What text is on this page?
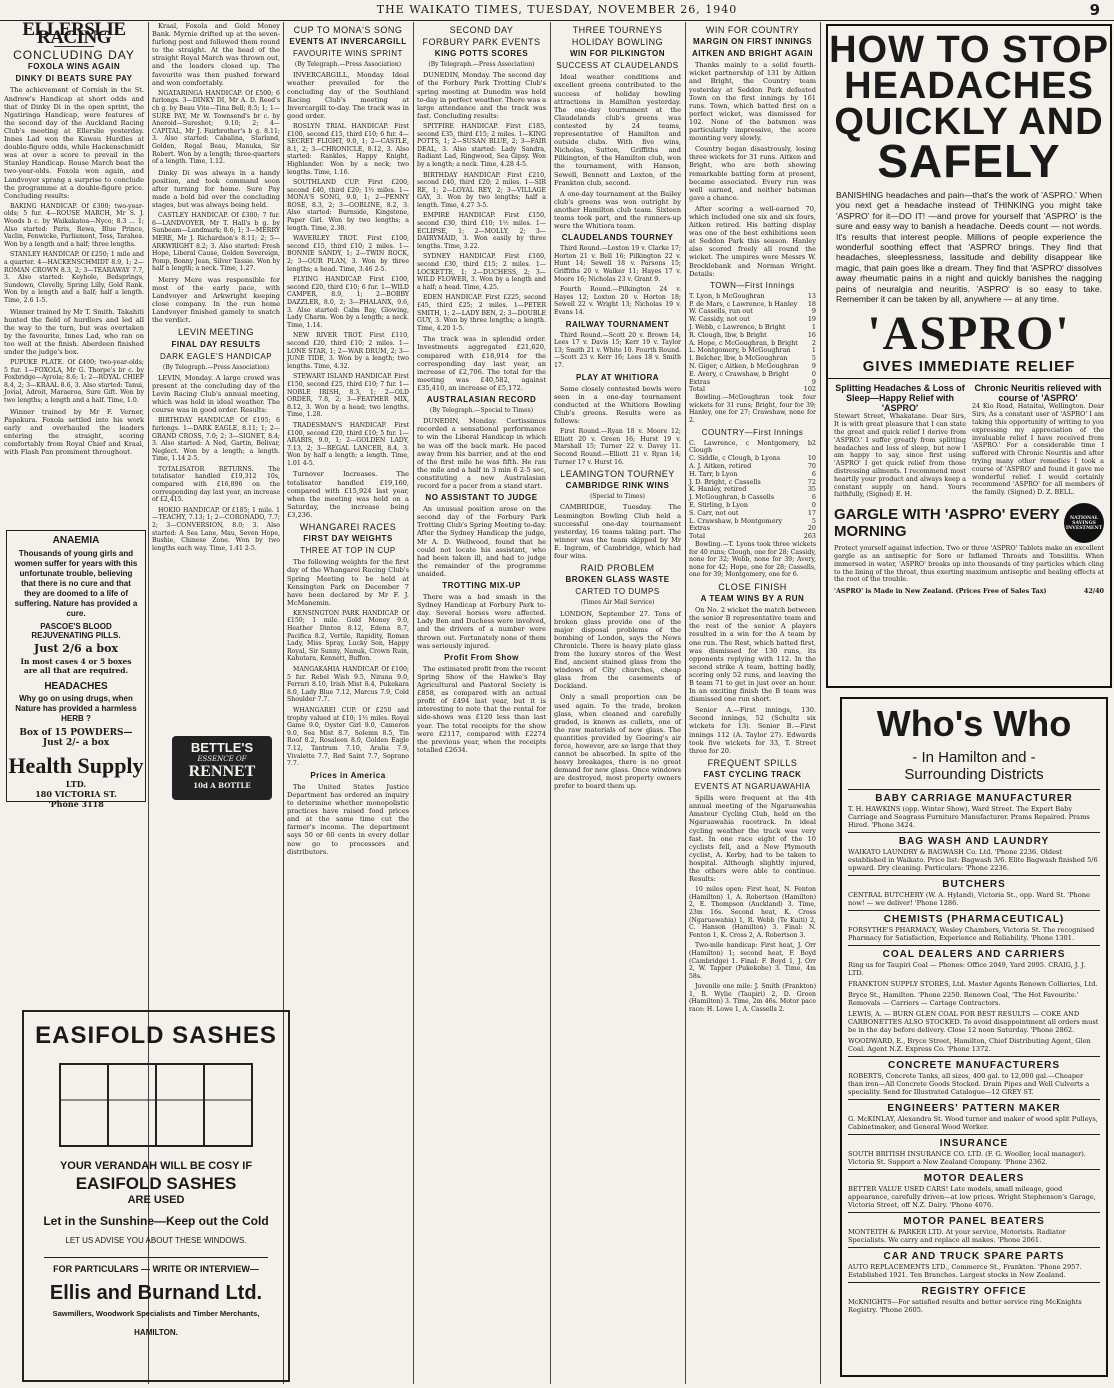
THE WAIKATO TIMES, TUESDAY, NOVEMBER 26, 1940	9
ELLERSLIE RACING
CONCLUDING DAY
FOXOLA WINS AGAIN
DINKY DI BEATS SURE PAY

The achievement of Cornish in the St. Andrew's Handicap at short odds and that of Dinky Di in the open sprint, the Ngatiringa Handicap, were features of the second day of the Auckland Racing Club's meeting at Ellerslie yesterday. Innes Lad won the Kawau Hurdles at double-figure odds, while Hackenschmidt was at over a score to prevail in the Stanley Handicap. Rouse March beat the two-year-olds. Foxola won again, and Landvoyer sprang a surprise to conclude the programme at a double-figure price. Concluding results:

BAKING HANDICAP. Of £300; two-year-olds; 5 fur. 4—ROUSE MARCH, Mr S. J. Woods b c. by Waikakatoa—Nyco; 8.3 ... 1; Also started: Paris, Rewa, Blue Prince, Vaclin, Fenwicke, Parliament, Toss, Tarahea. Won by a length and a half; three lengths.

STANLEY HANDICAP. Of £250; 1 mile and a quarter. 4—HACKENSCHMIDT 8.9, 1; 2—ROMAN CROWN 8.3, 2; 3—TEARAWAY 7.7, 3. Also started: Keyhole, Bedsprings, Sundown, Clovelly, Spring Lilly, Gold Rank. Won by a length and a half; half a length. Time, 2.6 1-5.

Winner trained by Mr T. Smith. Takahiti hunted the field of hurdlers and led all the way to the turn, but was overtaken by the favourite, Innes Lad, who ran on too well at the finish. Aberdeen finished under the judge's box.

PUPUKE PLATE. Of £400; two-year-olds; 5 fur. 1—FOXOLA, Mr G. Thorpe's br c. by Foxbridge—Ayrola; 8.6; 1; 2—ROYAL CHIEF 8.4, 2; 3—KRAAL 8.6, 3. Also started: Tanui, Jovial, Adroit, Maraeroa, Sure Gift. Won by two lengths; a length and a half. Time, 1.0.

Winner trained by Mr F. Verner, Papakura. Foxola settled into his work early and overhauled the leaders entering the straight, scoring comfortably from Royal Chief and Kraal, with Flash Pan prominent throughout.

ANAEMIA
Thousands of young girls and women suffer for years with this unfortunate trouble, believing that there is no cure and that they are doomed to a life of suffering. Nature has provided a cure.
PASCOE'S BLOOD REJUVENATING PILLS.
Just 2/6 a box
In most cases 4 or 5 boxes are all that are required.
HEADACHES
Why go on using drugs, when Nature has provided a harmless HERB ?
Box of 15 POWDERS— Just 2/- a box
Health Supply
LTD.
180 VICTORIA ST.
'Phone 3118

Kraal, Foxola and Gold Money Bank. Myrnie drifted up at the seven-furlong post and followed them round to the straight. At the head of the straight Royal March was thrown out, and the leaders closed up. The favourite was then pushed forward and won comfortably.

NGATARINGA HANDICAP. Of £500; 6 furlongs. 3—DINKY DI, Mr A. D. Reed's ch g. by Beau Vite—Tina Bell; 8.5; 1; 1—SURE PAY, Mr W. Townsend's br c. by Aneroid—Sureshot; 9.10; 2; 4—CAPITAL, Mr J. Fairbrother's b g. 8.11; 3. Also started: Cabalina, Starland, Golden, Regal Beau, Manuka, Sir Robert. Won by a length; three-quarters of a length. Time, 1.12.

Dinky Di was always in a handy position, and took command soon after turning for home. Sure Pay made a bold bid over the concluding stages, but was always being held.

CASTLEY HANDICAP. Of £300; 7 fur. 6—LANDVOYER, Mr T. Hall's b g. by Sunbeam—Landmark; 8.6; 1; 3—MERRY MERE, Mr J. Richardson's 8.11; 2; 5—ARKWRIGHT 8.2; 3. Also started: Fresh Hope, Liberal Cause, Golden Sovereign, Pomp, Bonny Jean, Silver Tassie. Won by half a length; a neck. Time, 1.27.

Merry Mere was responsible for most of the early pace, with Landvoyer and Arkwright keeping close company. In the run home Landvoyer finished gamely to snatch the verdict.

LEVIN MEETING
FINAL DAY RESULTS
DARK EAGLE'S HANDICAP
(By Telegraph.—Press Association)

LEVIN, Monday. A large crowd was present at the concluding day of the Levin Racing Club's annual meeting, which was held in ideal weather. The course was in good order. Results:

BIRTHDAY HANDICAP. Of £195; 6 furlongs. 1—DARK EAGLE, 8.11; 1; 2—GRAND CROSS, 7.0; 2; 3—SIGNET, 8.4; 3. Also started: A Ned, Gartin, Bolivar, Neglect. Won by a length; a length. Time, 1.14 2-5.

TOTALISATOR RETURNS. The totalisator handled £19,312 10s, compared with £16,896 on the corresponding day last year, an increase of £2,415.

HOKIO HANDICAP. Of £185; 1 mile. 1—TEACHY, 7.13; 1; 2—CORONADO, 7.7; 2; 3—CONVERSION, 8.0; 3. Also started: A Sea Lane, Mau, Seven Hope, Bushie, Chinese Zone. Won by two lengths each way. Time, 1.41 2-5.

BETTLE'S
ESSENCE OF
RENNET
10d A BOTTLE
EASIFOLD SASHES
YOUR VERANDAH WILL BE COSY IF
EASIFOLD SASHES
ARE USED
Let in the Sunshine—Keep out the Cold
LET US ADVISE YOU ABOUT THESE WINDOWS.
FOR PARTICULARS — WRITE OR INTERVIEW—
Ellis and Burnand Ltd.
Sawmillers, Woodwork Specialists and Timber Merchants,
HAMILTON.
CUP TO MONA'S SONG
EVENTS AT INVERCARGILL
FAVOURITE WINS SPRINT
(By Telegraph.—Press Association)

INVERCARGILL, Monday. Ideal weather prevailed for the concluding day of the Southland Racing Club's meeting at Invercargill to-day. The track was in good order.

ROSLYN TRIAL HANDICAP. First £100, second £15, third £10; 6 fur. 4—SECRET FLIGHT, 9.0, 1; 2—CASTLE, 8.1, 2; 3—CHRONICLE, 8.12, 3. Also started: Rankles, Happy Knight, Highlander. Won by a neck; two lengths. Time, 1.16.

SOUTHLAND CUP. First £200, second £40, third £20; 1½ miles. 1—MONA'S SONG, 9.0, 1; 2—PENNY ROSE, 8.3, 2; 3—GOBLINE, 8.2, 3. Also started: Burnside, Kingstone, Paper Girl. Won by two lengths; a length. Time, 2.38.

WAVERLEY TROT. First £100, second £15, third £10; 2 miles. 1—BONNIE SANDY, 1; 2—TWIN ROCK, 2; 3—OUR PLAN, 3. Won by three lengths; a head. Time, 3.46 2-5.

FLYING HANDICAP. First £100, second £20, third £10; 6 fur. 1—WILD CAMPER, 8.9, 1; 2—BOBBY DAZZLER, 8.0, 2; 3—PHALANX, 9.6, 3. Also started: Calm Bay, Glowing, Lady Charm. Won by a length; a neck. Time, 1.14.

NEW RIVER TROT. First £110, second £20, third £10; 2 miles. 1—LONE STAR, 1; 2—WAR DRUM, 2; 3—JUNE TIDE, 3. Won by a length; two lengths. Time, 4.32.

STEWART ISLAND HANDICAP. First £150, second £25, third £10; 7 fur. 1—NOBLE IRISH, 8.3, 1; 2—OLD ORDER, 7.8, 2; 3—FEATHER MIX, 8.12, 3. Won by a head; two lengths. Time, 1.28.

TRADESMAN'S HANDICAP. First £100, second £20, third £10; 5 fur. 1—ARABIS, 9.0, 1; 2—GOLDEN LADY, 7.13, 2; 3—REGAL LANCER, 8.4, 3. Won by half a length; a length. Time, 1.01 4-5.

Turnover Increases. The totalisator handled £19,160, compared with £15,924 last year, when the meeting was held on a Saturday, the increase being £3,236.

WHANGAREI RACES
FIRST DAY WEIGHTS
THREE AT TOP IN CUP

The following weights for the first day of the Whangarei Racing Club's Spring Meeting to be held at Kensington Park on December 7 have been declared by Mr F. J. McManemin.

KENSINGTON PARK HANDICAP. Of £150; 1 mile. Gold Money 9.0, Heather Dinton 8.12, Edena 8.7, Pacifica 8.2, Vertile, Rapidity, Roman Lady, Miss Spray, Lucky Son, Happy Royal, Sir Sunny, Nanuk, Crown Ruin, Kahutara, Kennett, Buffon.

MANGAKAHIA HANDICAP. Of £100; 5 fur. Rebel Wish 9.5, Nirana 9.0, Ferrari 8.10, Irish Mist 8.4, Pukekara 8.0, Lady Blue 7.12, Marcus 7.9, Cold Shoulder 7.7.

WHANGAREI CUP. Of £250 and trophy valued at £10; 1½ miles. Royal Game 9.0, Oyster Girl 9.0, Cameron 9.0, Sea Mist 8.7, Solemn 8.5, Tin Roof 8.2, Rosaleen 8.0, Golden Eagle 7.12, Tantrum 7.10, Aralia 7.9, Vivalette 7.7, Red Saint 7.7, Soprano 7.7.

Prices in America

The United States Justice Department has ordered an inquiry to determine whether monopolistic practices have raised food prices and at the same time cut the farmer's income. The department says 50 or 60 cents in every dollar now go to processors and distributors.

SECOND DAY
FORBURY PARK EVENTS
KING POTTS SCORES
(By Telegraph.—Press Association)

DUNEDIN, Monday. The second day of the Forbury Park Trotting Club's spring meeting at Dunedin was held to-day in perfect weather. There was a large attendance and the track was fast. Concluding results:

SPITFIRE HANDICAP. First £185, second £35, third £15; 2 miles. 1—KING POTTS, 1; 2—SUSAN BLUE, 2; 3—FAIR DEAL, 3. Also started: Lady Sandra, Radiant Lad, Ringwood, Sea Gipsy. Won by a length; a neck. Time, 4.28 4-5.

BIRTHDAY HANDICAP. First £210, second £40, third £20; 2 miles. 1—SIR RE, 1; 2—LOYAL REY, 2; 3—VILLAGE GAY, 3. Won by two lengths; half a length. Time, 4.27 3-5.

EMPIRE HANDICAP. First £150, second £30, third £10; 1½ miles. 1—ECLIPSE, 1; 2—MOLLY, 2; 3—DAIRYMAID, 3. Won easily by three lengths. Time, 3.22.

SYDNEY HANDICAP. First £160, second £30, third £15; 2 miles. 1—LOCKETTE, 1; 2—DUCHESS, 2; 3—WILD FLOWER, 3. Won by a length and a half; a head. Time, 4.25.

EDEN HANDICAP. First £225, second £45, third £25; 2 miles. 1—PETER SMITH, 1; 2—LADY BEN, 2; 3—DOUBLE GUY, 3. Won by three lengths; a length. Time, 4.20 1-5.

The track was in splendid order. Investments aggregated £21,620, compared with £18,914 for the corresponding day last year, an increase of £2,706. The total for the meeting was £40,582, against £35,410, an increase of £5,172.

AUSTRALASIAN RECORD
(By Telegraph.—Special to Times)

DUNEDIN, Monday. Certissimus recorded a sensational performance to win the Liberal Handicap in which he was off the back mark. He paced away from his barrier, and at the end of the first mile he was fifth. He ran the mile and a half in 3 min 6 2-5 sec, constituting a new Australasian record for a pacer from a stand start.

NO ASSISTANT TO JUDGE

An unusual position arose on the second day of the Forbury Park Trotting Club's Spring Meeting to-day. After the Sydney Handicap the judge, Mr A. D. Wellwood, found that he could not locate his assistant, who had been taken ill, and had to judge the remainder of the programme unaided.

TROTTING MIX-UP

There was a bad smash in the Sydney Handicap at Forbury Park to-day. Several horses were affected. Lady Ben and Duchess were involved, and the drivers of a number were thrown out. Fortunately none of them was seriously injured.

Profit From Show

The estimated profit from the recent Spring Show of the Hawke's Bay Agricultural and Pastoral Society is £858, as compared with an actual profit of £494 last year, but it is interesting to note that the rental for side-shows was £120 less than last year. The total receipts for the show were £2117, compared with £2274 the previous year, when the receipts totalled £2634.

THREE TOURNEYS
HOLIDAY BOWLING
WIN FOR PILKINGTON
SUCCESS AT CLAUDELANDS

Ideal weather conditions and excellent greens contributed to the success of holiday bowling attractions in Hamilton yesterday. The one-day tournament at the Claudelands club's greens was contested by 24 teams, representative of Hamilton and outside clubs. With five wins, Nicholas, Sutton, Griffiths and Pilkington, of the Hamilton club, won the tournament, with Hanson, Sewell, Bennett and Loxton, of the Frankton club, second.

A one-day tournament at the Bailey club's greens was won outright by another Hamilton club team. Sixteen teams took part, and the runners-up were the Whitiora team.

CLAUDELANDS TOURNEY

Third Round.—Loxton 19 v. Clarke 17; Horton 21 v. Bell 16; Pilkington 22 v. Hunt 14; Sewell 18 v. Parsons 15; Griffiths 20 v. Walker 11; Hayes 17 v. Moore 16; Nicholas 23 v. Grant 9.

Fourth Round.—Pilkington 24 v. Hayes 12; Loxton 20 v. Horton 18; Sewell 22 v. Wright 13; Nicholas 19 v. Evans 14.

RAILWAY TOURNAMENT

Third Round.—Scott 20 v. Brown 14; Lees 17 v. Davis 15; Kerr 19 v. Taylor 13; Smith 21 v. White 10. Fourth Round.—Scott 23 v. Kerr 16; Lees 18 v. Smith 17.

PLAY AT WHITIORA

Some closely contested bowls were seen in a one-day tournament conducted at the Whitiora Bowling Club's greens. Results were as follows:

First Round.—Ryan 18 v. Moore 12; Elliott 20 v. Green 16; Hurst 19 v. Marshall 15; Turner 22 v. Davey 11. Second Round.—Elliott 21 v. Ryan 14; Turner 17 v. Hurst 16.

LEAMINGTON TOURNEY
CAMBRIDGE RINK WINS
(Special to Times)

CAMBRIDGE, Tuesday. The Leamington Bowling Club held a successful one-day tournament yesterday, 16 teams taking part. The winner was the team skipped by Mr E. Ingram, of Cambridge, which had four wins.

RAID PROBLEM
BROKEN GLASS WASTE
CARTED TO DUMPS
(Times Air Mail Service)

LONDON, September 27. Tons of broken glass provide one of the major disposal problems of the bombing of London, says the News Chronicle. There is heavy plate glass from the luxury stores of the West End, ancient stained glass from the windows of City churches, cheap glass from the casements of Dockland.

Only a small proportion can be used again. To the trade, broken glass, when cleaned and carefully graded, is known as cullets, one of the raw materials of new glass. The quantities provided by Goering's air force, however, are so large that they cannot be absorbed. In spite of the heavy breakages, there is no great demand for new glass. Once windows are destroyed, most property owners prefer to board them up.

WIN FOR COUNTRY
MARGIN ON FIRST INNINGS
AITKEN AND BRIGHT AGAIN

Thanks mainly to a solid fourth-wicket partnership of 131 by Aitken and Bright, the Country team yesterday at Seddon Park defeated Town on the first innings by 161 runs. Town, which batted first on a perfect wicket, was dismissed for 102. None of the batsmen was particularly impressive, the score mounting very slowly.

Country began disastrously, losing three wickets for 31 runs. Aitken and Bright, who are both showing remarkable batting form at present, became associated. Every run was well earned, and neither batsman gave a chance.

After scoring a well-earned 70, which included one six and six fours, Aitken retired. His batting display was one of the best exhibitions seen at Seddon Park this season. Hanley also scored freely all round the wicket. The umpires were Messrs W. Brocklebank and Norman Wright. Details:

TOWN—First Innings
T. Lyon, b McGoughran	13
P. de Mars, c Lawrence, b Hanley 18
W. Cassells, run out	9
W. Cassidy, not out	19
J. Webb, c Lawrence, b Bright	1
R. Clough, lbw, b Bright	16
A. Hope, c McGoughran, b Bright 2
L. Montgomery, b McGoughran	1
I. Belcher, lbw, b McGoughran	5
N. Giger, c Aitken, b McGoughran 9
E. Avery, c Crawshaw, b Bright	0
Extras	9
Total	102

Bowling.—McGoughran took four wickets for 31 runs; Bright, four for 39; Hanley, one for 27; Crawshaw, none for 2.

COUNTRY—First Innings
C. Lawrence, c Montgomery, b Clough
2
C. Siddle, c Clough, b Lyons	10
A. J. Aitken, retired	70
H. Tarr, b Lyon	6
J. D. Bright, c Cassells	72
K. Hanley, retired	35
J. McGoughran, b Cassells	6
E. Stirling, b Lyon	0
S. Carr, not out	17
L. Crawshaw, b Montgomery	5
Extras	20
Total	263

Bowling.—T. Lyons took three wickets for 40 runs; Clough, one for 28; Cassidy, none for 32; Webb, none for 39; Avery, none for 42; Hope, one for 28; Cassells, one for 39; Montgomery, one for 6.

CLOSE FINISH
A TEAM WINS BY A RUN

On No. 2 wicket the match between the senior B representative team and the rest of the senior A players resulted in a win for the A team by one run. The Rest, which batted first, was dismissed for 130 runs, its opponents replying with 112. In the second strike A team, batting badly, scoring only 52 runs, and leaving the B team 71 to get in just over an hour. In an exciting finish the B team was dismissed one run short.

Senior A.—First innings, 130. Second innings, 52 (Schultz six wickets for 13). Senior B.—First innings 112 (A. Taylor 27). Edwards took five wickets for 33, T. Street three for 20.

FREQUENT SPILLS
FAST CYCLING TRACK
EVENTS AT NGARUAWAHIA

Spills were frequent at the 4th annual meeting of the Ngaruawahia Amateur Cycling Club, held on the Ngaruawahia racetrack. In ideal cycling weather the track was very fast. In one race eight of the 10 cyclists fell, and a New Plymouth cyclist, A. Kerby, had to be taken to hospital. Although slightly injured, the others were able to continue. Results:

10 miles open: First heat, N. Fenton (Hamilton) 1, A. Robertson (Hamilton) 2, E. Thompson (Auckland) 3. Time, 23m 16s. Second heat, K. Cross (Ngaruawahia) 1, R. Webb (Te Kuiti) 2, C. Hanson (Hamilton) 3. Final: N. Fenton 1, K. Cross 2, A. Robertson 3.

Two-mile handicap: First heat, J. Orr (Hamilton) 1; second heat, F. Boyd (Cambridge) 1. Final: F. Boyd 1, J. Orr 2, W. Tapper (Pukekohe) 3. Time, 4m 58s.

Juvenile one mile: J. Smith (Frankton) 1, R. Wylie (Taupiri) 2, D. Green (Hamilton) 3. Time, 2m 46s. Motor pace race: H. Lowe 1, A. Cassells 2.

HOW TO STOP
HEADACHES
QUICKLY AND
SAFELY
BANISHING headaches and pain—that's the work of 'ASPRO.' When you next get a headache instead of THINKING you might take 'ASPRO' for it—DO IT! —and prove for yourself that 'ASPRO' is the sure and easy way to banish a headache. Deeds count — not words. It's results that interest people. Millions of people experience the wonderful soothing effect that 'ASPRO' brings. They find that headaches, sleeplessness, lassitude and debility disappear like magic, that pain goes like a dream. They find that 'ASPRO' dissolves away rheumatic pains in a night and quickly banishes the nagging pains of neuralgia and neuritis. 'ASPRO' is so easy to take. Remember it can be taken by all, anywhere — at any time.
'ASPRO'
GIVES IMMEDIATE RELIEF
Splitting Headaches & Loss of Sleep—Happy Relief with 'ASPRO'
Stewart Street, Whakatane. Dear Sirs, It is with great pleasure that I can state the great and quick relief I derive from 'ASPRO.' I suffer greatly from splitting headaches and loss of sleep, but now I am happy to say, since first using 'ASPRO' I get quick relief from those distressing ailments. I recommend most heartily your product and always keep a constant supply on hand. Yours faithfully, (Signed) E. H.
Chronic Neuritis relieved with course of 'ASPRO'
24 Kio Road, Hataitai, Wellington. Dear Sirs, As a constant user of 'ASPRO' I am taking this opportunity of writing to you expressing my appreciation of the invaluable relief I have received from 'ASPRO.' For a considerable time I suffered with Chronic Neuritis and after trying many other remedies I took a course of 'ASPRO' and found it gave me wonderful relief. I would certainly recommend 'ASPRO' for all members of the family. (Signed) D. Z. BELL.
GARGLE WITH 'ASPRO' EVERY MORNING
NATIONAL SAVINGS INVESTMENT
Protect yourself against infection. Two or three 'ASPRO' Tablets make an excellent gargle as an antiseptic for Sore or Inflamed Throats and Tonsilitis. When immersed in water, 'ASPRO' breaks up into thousands of tiny particles which cling to the lining of the throat, thus exerting maximum antiseptic and healing effects at the root of the trouble.
'ASPRO' is Made in New Zealand. (Prices Free of Sales Tax)	42/40
Who's Who
- In Hamilton and -
Surrounding Districts
BABY CARRIAGE MANUFACTURER
T. H. HAWKINS (opp. Winter Show), Ward Street. The Expert Baby Carriage and Seagrass Furniture Manufacturer. Prams Repaired. Prams Hired. 'Phone 3424.
BAG WASH AND LAUNDRY
WAIKATO LAUNDRY & BAGWASH Co. Ltd. 'Phone 2236. Oldest established in Waikato. Price list: Bagwash 3/6. Elite Bagwash finished 5/6 upward. Dry cleaning. Particulars: 'Phone 2236.
BUTCHERS
CENTRAL BUTCHERY (W. A. Hyland), Victoria St., opp. Ward St. 'Phone now! — we deliver! 'Phone 1286.
CHEMISTS (PHARMACEUTICAL)
FORSYTHE'S PHARMACY, Wesley Chambers, Victoria St. The recognised Pharmacy for Satisfaction, Experience and Reliability. 'Phone 1301.
COAL DEALERS AND CARRIERS
Ring us for Taupiri Coal — Phones: Office 2049, Yard 2095. CRAIG, J. J. LTD.
FRANKTON SUPPLY STORES, Ltd. Master Agents Renown Collieries, Ltd.
Bryce St., Hamilton. 'Phone 2250. Renown Coal, 'The Hot Favourite.' Removals — Carriers — Cartage Contractors.
LEWIS, A. — BURN GLEN COAL FOR BEST RESULTS — COKE AND CARBONETTES ALSO STOCKED. To avoid disappointment all orders must be in the day before delivery. Close 12 noon Saturday. 'Phone 2862.
WOODWARD, E., Bryce Street, Hamilton, Chief Distributing Agent, Glen Coal. Agent N.Z. Express Co. 'Phone 1372.
CONCRETE MANUFACTURERS
ROBERTS, Concrete Tanks, all sizes, 400 gal. to 12,000 gal.—Cheaper than iron—All Concrete Goods Stocked. Drain Pipes and Well Culverts a speciality. Send for Illustrated Catalogue—12 GREY ST.
ENGINEERS' PATTERN MAKER
G. McKINLAY, Alexandra St. Wood turner and maker of wood split Pulleys, Cabinetmaker, and General Wood Worker.
INSURANCE
SOUTH BRITISH INSURANCE CO. LTD. (F. G. Wooller, local manager). Victoria St. Support a New Zealand Company. 'Phone 2362.
MOTOR DEALERS
BETTER VALUE USED CARS! Late models, small mileage, good appearance, carefully driven—at low prices. Wright Stephenson's Garage, Victoria Street, off N.Z. Dairy. 'Phone 4076.
MOTOR PANEL BEATERS
MONTEITH & PARKER LTD. At your service, Motorists. Radiator Specialists. We carry and replace all makes. 'Phone 2061.
CAR AND TRUCK SPARE PARTS
AUTO REPLACEMENTS LTD., Commerce St., Frankton. 'Phone 2957. Established 1921. Ten Branches. Largest stocks in New Zealand.
REGISTRY OFFICE
McKNIGHTS—For satisfied results and better service ring McKnights Registry. 'Phone 2605.
